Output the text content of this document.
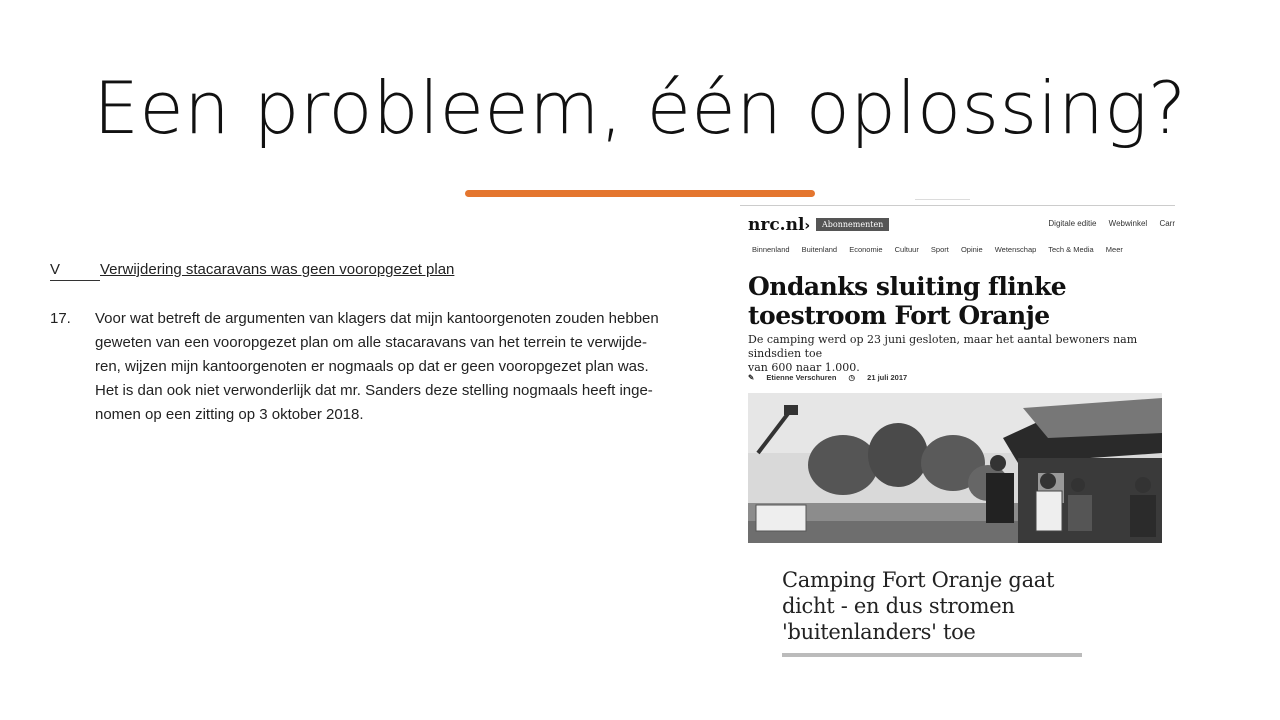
Een probleem, één oplossing?
V	Verwijdering stacaravans was geen vooropgezet plan
17. Voor wat betreft de argumenten van klagers dat mijn kantoorgenoten zouden hebben
geweten van een vooropgezet plan om alle stacaravans van het terrein te verwijde-
ren, wijzen mijn kantoorgenoten er nogmaals op dat er geen vooropgezet plan was.
Het is dan ook niet verwonderlijk dat mr. Sanders deze stelling nogmaals heeft inge-
nomen op een zitting op 3 oktober 2018.
nrc.nl›	Abonnementen	Digitale editie Webwinkel Carr
Binnenland Buitenland Economie Cultuur Sport Opinie Wetenschap Tech & Media Meer
Ondanks sluiting flinke
toestroom Fort Oranje
De camping werd op 23 juni gesloten, maar het aantal bewoners nam sindsdien toe
van 600 naar 1.000.
✎ Etienne Verschuren ◷ 21 juli 2017
Camping Fort Oranje gaat
dicht - en dus stromen
'buitenlanders' toe
